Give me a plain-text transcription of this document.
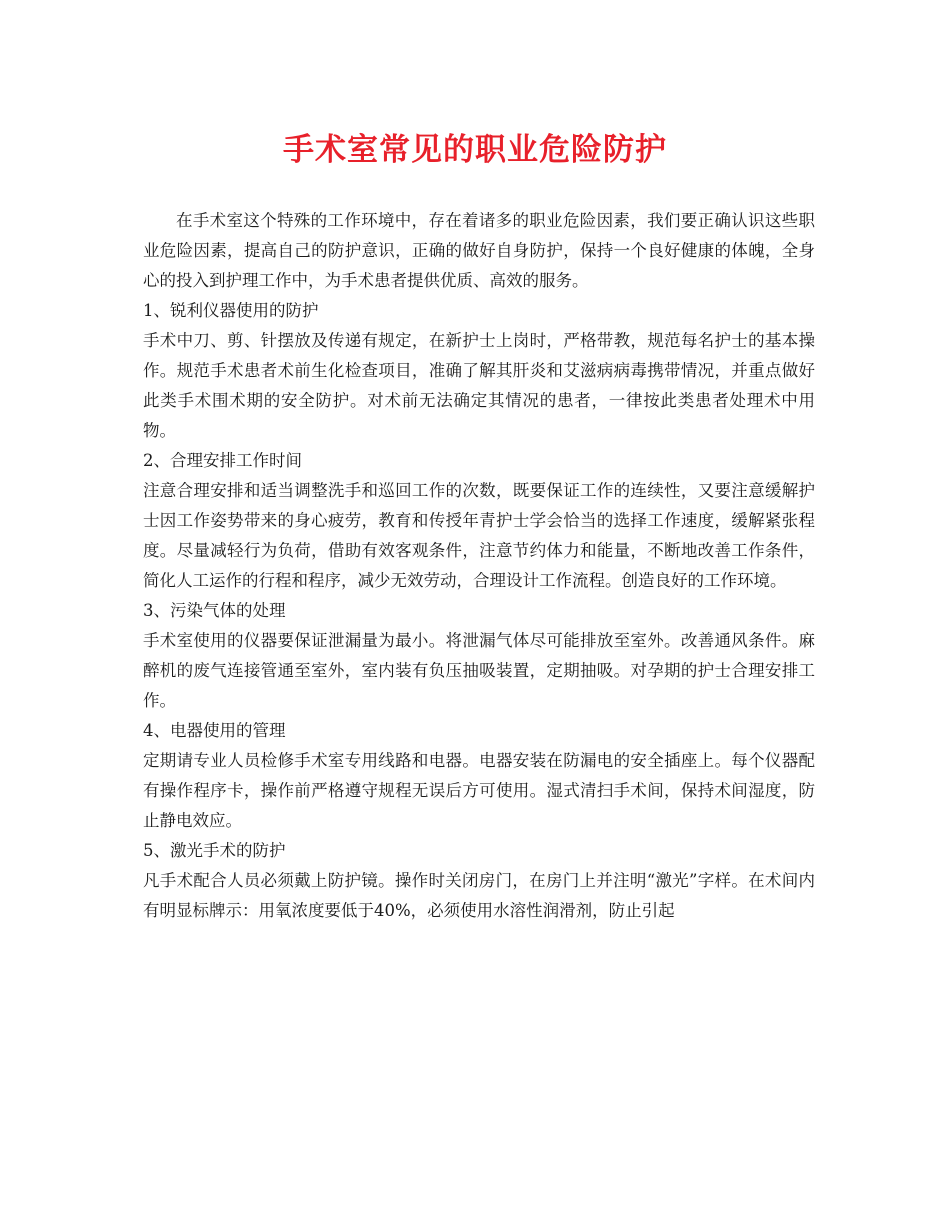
手术室常见的职业危险防护

在手术室这个特殊的工作环境中，存在着诸多的职业危险因素，我们要正确认识这些职业危险因素，提高自己的防护意识，正确的做好自身防护，保持一个良好健康的体魄，全身心的投入到护理工作中，为手术患者提供优质、高效的服务。

1、锐利仪器使用的防护

手术中刀、剪、针摆放及传递有规定，在新护士上岗时，严格带教，规范每名护士的基本操作。规范手术患者术前生化检查项目，准确了解其肝炎和艾滋病病毒携带情况，并重点做好此类手术围术期的安全防护。对术前无法确定其情况的患者，一律按此类患者处理术中用物。

2、合理安排工作时间

注意合理安排和适当调整洗手和巡回工作的次数，既要保证工作的连续性，又要注意缓解护士因工作姿势带来的身心疲劳，教育和传授年青护士学会恰当的选择工作速度，缓解紧张程度。尽量减轻行为负荷，借助有效客观条件，注意节约体力和能量，不断地改善工作条件，简化人工运作的行程和程序，减少无效劳动，合理设计工作流程。创造良好的工作环境。

3、污染气体的处理

手术室使用的仪器要保证泄漏量为最小。将泄漏气体尽可能排放至室外。改善通风条件。麻醉机的废气连接管通至室外，室内装有负压抽吸装置，定期抽吸。对孕期的护士合理安排工作。

4、电器使用的管理

定期请专业人员检修手术室专用线路和电器。电器安装在防漏电的安全插座上。每个仪器配有操作程序卡，操作前严格遵守规程无误后方可使用。湿式清扫手术间，保持术间湿度，防止静电效应。

5、激光手术的防护

凡手术配合人员必须戴上防护镜。操作时关闭房门，在房门上并注明“激光”字样。在术间内有明显标牌示：用氧浓度要低于40%，必须使用水溶性润滑剂，防止引起
